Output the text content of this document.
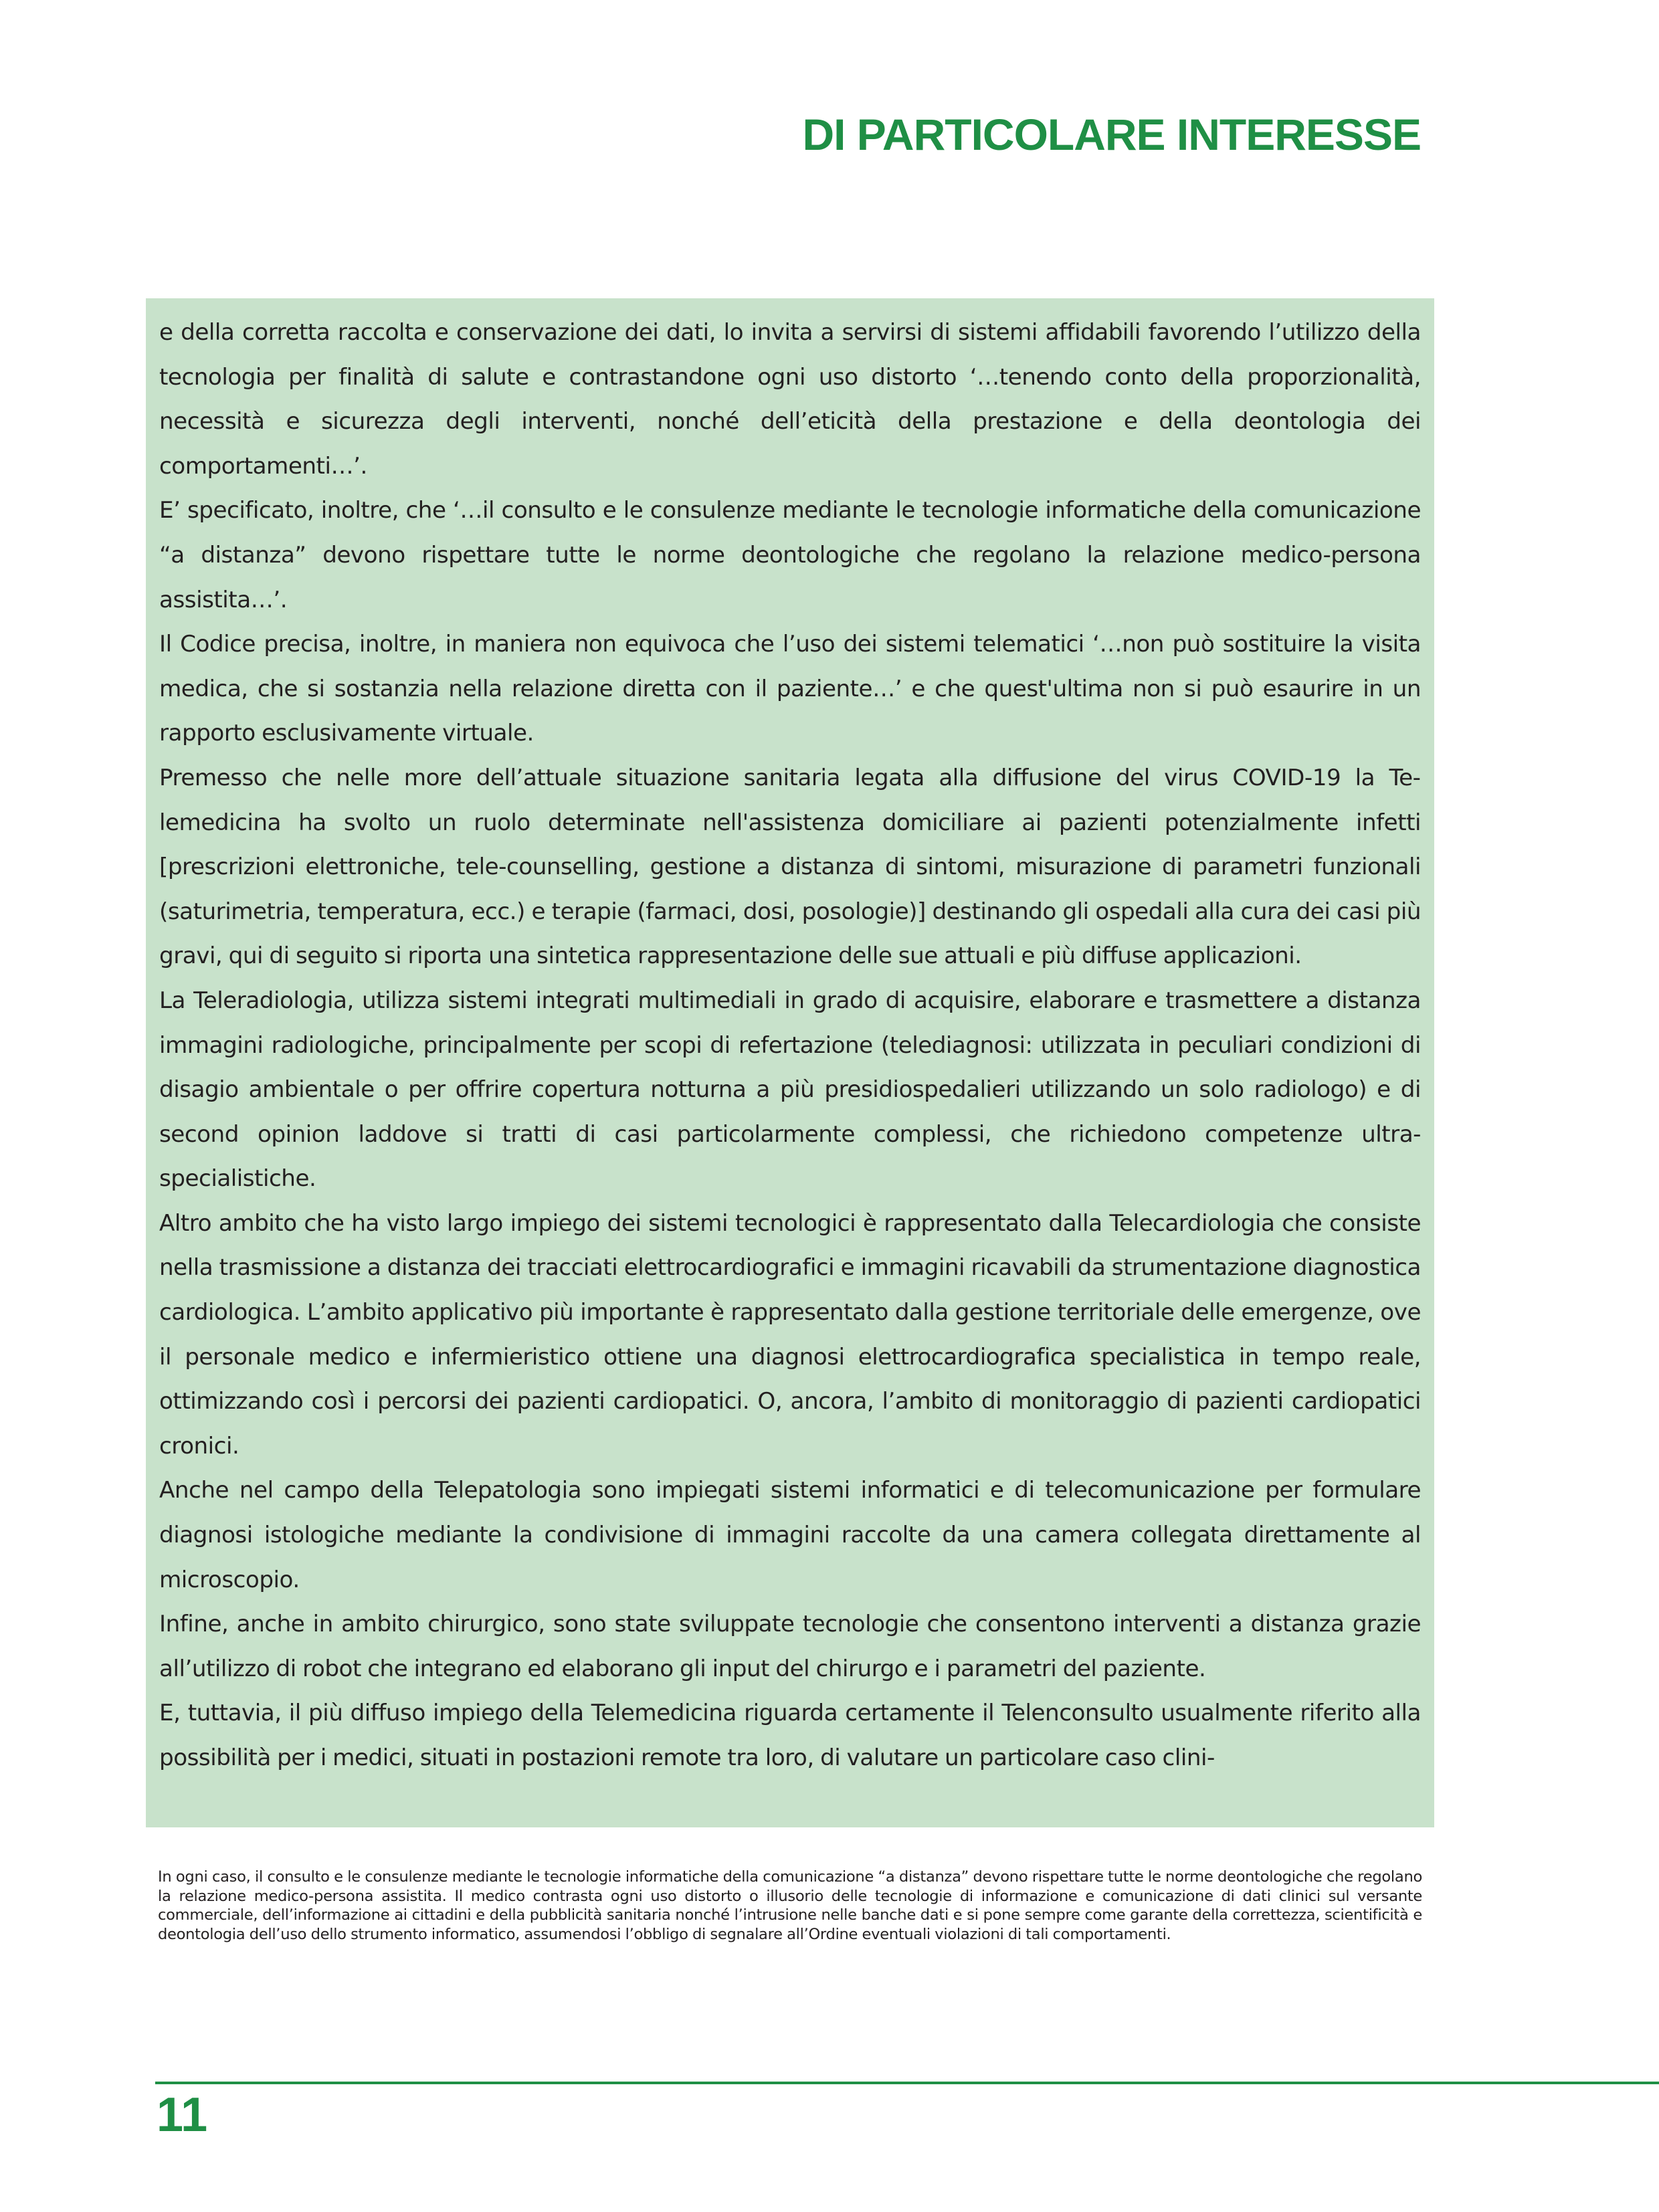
DI PARTICOLARE INTERESSE

e della corretta raccolta e conservazione dei dati, lo invita a servirsi di sistemi affidabili favorendo l’utilizzo della tecnologia per finalità di salute e contrastandone ogni uso distorto ‘…tenendo conto della proporzionalità, necessità e sicurezza degli interventi, nonché dell’eticità della prestazione e della deontologia dei comportamenti…’.

E’ specificato, inoltre, che ‘…il consulto e le consulenze mediante le tecnologie informatiche della comunicazione “a distanza” devono rispettare tutte le norme deontologiche che regolano la relazione medico-persona assistita…’.

Il Codice precisa, inoltre, in maniera non equivoca che l’uso dei sistemi telematici ‘…non può sostituire la visita medica, che si sostanzia nella relazione diretta con il paziente…’ e che quest'ultima non si può esaurire in un rapporto esclusivamente virtuale.

Premesso che nelle more dell’attuale situazione sanitaria legata alla diffusione del virus COVID-19 la Telemedicina ha svolto un ruolo determinate nell'assistenza domiciliare ai pazienti potenzialmente infetti [prescrizioni elettroniche, tele-counselling, gestione a distanza di sintomi, misurazione di parametri funzionali (saturimetria, temperatura, ecc.) e terapie (farmaci, dosi, posologie)] destinando gli ospedali alla cura dei casi più gravi, qui di seguito si riporta una sintetica rappresentazione delle sue attuali e più diffuse applicazioni.

La Teleradiologia, utilizza sistemi integrati multimediali in grado di acquisire, elaborare e trasmettere a distanza immagini radiologiche, principalmente per scopi di refertazione (telediagnosi: utilizzata in peculiari condizioni di disagio ambientale o per offrire copertura notturna a più presidiospedalieri utilizzando un solo radiologo) e di second opinion laddove si tratti di casi particolarmente complessi, che richiedono competenze ultra-specialistiche.

Altro ambito che ha visto largo impiego dei sistemi tecnologici è rappresentato dalla Telecardiologia che consiste nella trasmissione a distanza dei tracciati elettrocardiografici e immagini ricavabili da strumentazione diagnostica cardiologica. L’ambito applicativo più importante è rappresentato dalla gestione territoriale delle emergenze, ove il personale medico e infermieristico ottiene una diagnosi elettrocardiografica specialistica in tempo reale, ottimizzando così i percorsi dei pazienti cardiopatici. O, ancora, l’ambito di monitoraggio di pazienti cardiopatici cronici.

Anche nel campo della Telepatologia sono impiegati sistemi informatici e di telecomunicazione per formulare diagnosi istologiche mediante la condivisione di immagini raccolte da una camera collegata direttamente al microscopio.

Infine, anche in ambito chirurgico, sono state sviluppate tecnologie che consentono interventi a distanza grazie all’utilizzo di robot che integrano ed elaborano gli input del chirurgo e i parametri del paziente.

E, tuttavia, il più diffuso impiego della Telemedicina riguarda certamente il Telenconsulto usualmente riferito alla possibilità per i medici, situati in postazioni remote tra loro, di valutare un particolare caso clini-

In ogni caso, il consulto e le consulenze mediante le tecnologie informatiche della comunicazione “a distanza” devono rispettare tutte le norme deontologiche che regolano la relazione medico-persona assistita. Il medico contrasta ogni uso distorto o illusorio delle tecnologie di informazione e comunicazione di dati clinici sul versante commerciale, dell’informazione ai cittadini e della pubblicità sanitaria nonché l’intrusione nelle banche dati e si pone sempre come garante della correttezza, scientificità e deontologia dell’uso dello strumento informatico, assumendosi l’obbligo di segnalare all’Ordine eventuali violazioni di tali comportamenti.

11
